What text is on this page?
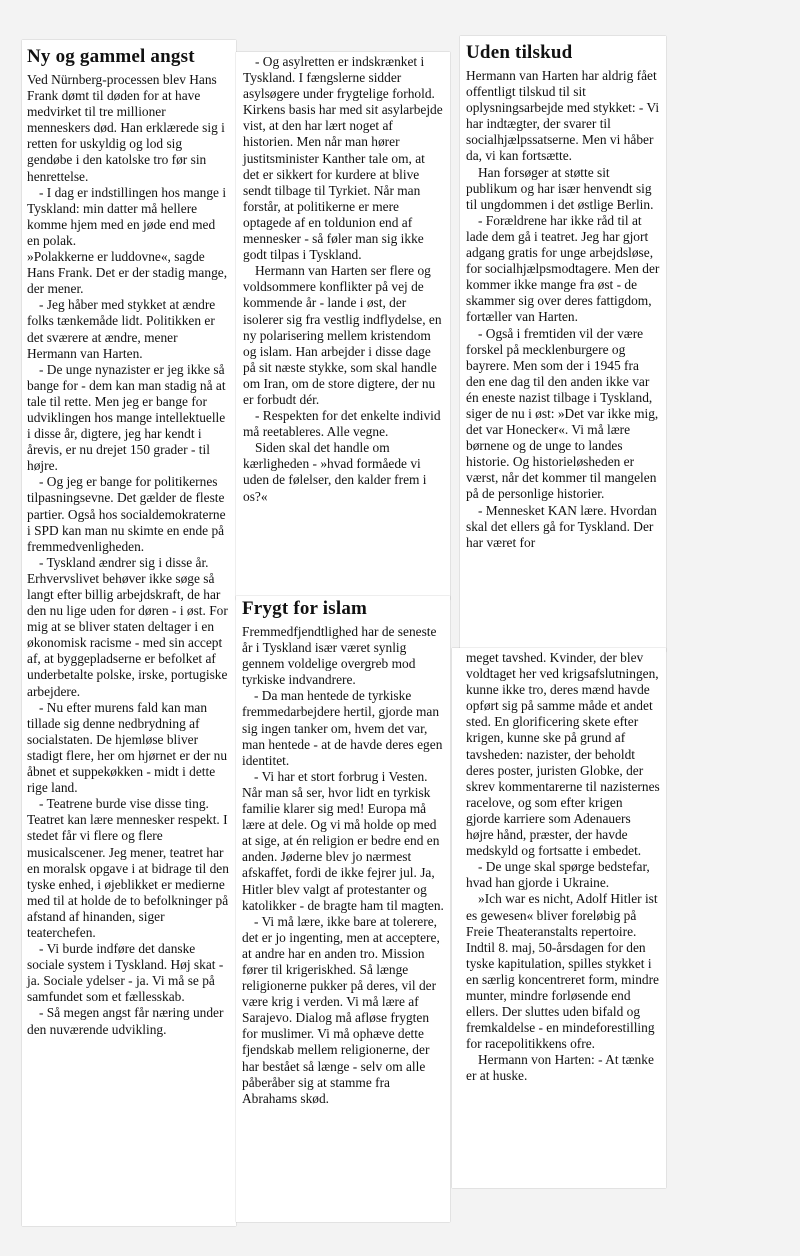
Ny og gammel angst

Ved Nürnberg-processen blev Hans Frank dømt til døden for at have medvirket til tre millioner menneskers død. Han erklærede sig i retten for uskyldig og lod sig gendøbe i den katolske tro før sin henrettelse.

- I dag er indstillingen hos mange i Tyskland: min datter må hellere komme hjem med en jøde end med en polak.

»Polakkerne er luddovne«, sagde Hans Frank. Det er der stadig mange, der mener.

- Jeg håber med stykket at ændre folks tænkemåde lidt. Politikken er det sværere at ændre, mener Hermann van Harten.

- De unge nynazister er jeg ikke så bange for - dem kan man stadig nå at tale til rette. Men jeg er bange for udviklingen hos mange intellektuelle i disse år, digtere, jeg har kendt i årevis, er nu drejet 150 grader - til højre.

- Og jeg er bange for politikernes tilpasningsevne. Det gælder de fleste partier. Også hos socialdemokraterne i SPD kan man nu skimte en ende på fremmedvenligheden.

- Tyskland ændrer sig i disse år. Erhvervslivet behøver ikke søge så langt efter billig arbejdskraft, de har den nu lige uden for døren - i øst. For mig at se bliver staten deltager i en økonomisk racisme - med sin accept af, at byggepladserne er befolket af underbetalte polske, irske, portugiske arbejdere.

- Nu efter murens fald kan man tillade sig denne nedbrydning af socialstaten. De hjemløse bliver stadigt flere, her om hjørnet er der nu åbnet et suppekøkken - midt i dette rige land.

- Teatrene burde vise disse ting. Teatret kan lære mennesker respekt. I stedet får vi flere og flere musicalscener. Jeg mener, teatret har en moralsk opgave i at bidrage til den tyske enhed, i øjeblikket er medierne med til at holde de to befolkninger på afstand af hinanden, siger teaterchefen.

- Vi burde indføre det danske sociale system i Tyskland. Høj skat - ja. Sociale ydelser - ja. Vi må se på samfundet som et fællesskab.

- Så megen angst får næring under den nuværende udvikling.

- Og asylretten er indskrænket i Tyskland. I fængslerne sidder asylsøgere under frygtelige forhold. Kirkens basis har med sit asylarbejde vist, at den har lært noget af historien. Men når man hører justitsminister Kanther tale om, at det er sikkert for kurdere at blive sendt tilbage til Tyrkiet. Når man forstår, at politikerne er mere optagede af en toldunion end af mennesker - så føler man sig ikke godt tilpas i Tyskland.

Hermann van Harten ser flere og voldsommere konflikter på vej de kommende år - lande i øst, der isolerer sig fra vestlig indflydelse, en ny polarisering mellem kristendom og islam. Han arbejder i disse dage på sit næste stykke, som skal handle om Iran, om de store digtere, der nu er forbudt dér.

- Respekten for det enkelte individ må reetableres. Alle vegne.

Siden skal det handle om kærligheden - »hvad formåede vi uden de følelser, den kalder frem i os?«

Frygt for islam

Fremmedfjendtlighed har de seneste år i Tyskland især været synlig gennem voldelige overgreb mod tyrkiske indvandrere.

- Da man hentede de tyrkiske fremmedarbejdere hertil, gjorde man sig ingen tanker om, hvem det var, man hentede - at de havde deres egen identitet.

- Vi har et stort forbrug i Vesten. Når man så ser, hvor lidt en tyrkisk familie klarer sig med! Europa må lære at dele. Og vi må holde op med at sige, at én religion er bedre end en anden. Jøderne blev jo nærmest afskaffet, fordi de ikke fejrer jul. Ja, Hitler blev valgt af protestanter og katolikker - de bragte ham til magten.

- Vi må lære, ikke bare at tolerere, det er jo ingenting, men at acceptere, at andre har en anden tro. Mission fører til krigeriskhed. Så længe religionerne pukker på deres, vil der være krig i verden. Vi må lære af Sarajevo. Dialog må afløse frygten for muslimer. Vi må ophæve dette fjendskab mellem religionerne, der har bestået så længe - selv om alle påberåber sig at stamme fra Abrahams skød.

Uden tilskud

Hermann van Harten har aldrig fået offentligt tilskud til sit oplysningsarbejde med stykket: - Vi har indtægter, der svarer til socialhjælpssatserne. Men vi håber da, vi kan fortsætte.

Han forsøger at støtte sit publikum og har især henvendt sig til ungdommen i det østlige Berlin.

- Forældrene har ikke råd til at lade dem gå i teatret. Jeg har gjort adgang gratis for unge arbejdsløse, for socialhjælpsmodtagere. Men der kommer ikke mange fra øst - de skammer sig over deres fattigdom, fortæller van Harten.

- Også i fremtiden vil der være forskel på mecklenburgere og bayrere. Men som der i 1945 fra den ene dag til den anden ikke var én eneste nazist tilbage i Tyskland, siger de nu i øst: »Det var ikke mig, det var Honecker«. Vi må lære børnene og de unge to landes historie. Og historieløsheden er værst, når det kommer til mangelen på de personlige historier.

- Mennesket KAN lære. Hvordan skal det ellers gå for Tyskland. Der har været for

meget tavshed. Kvinder, der blev voldtaget her ved krigsafslutningen, kunne ikke tro, deres mænd havde opført sig på samme måde et andet sted. En glorificering skete efter krigen, kunne ske på grund af tavsheden: nazister, der beholdt deres poster, juristen Globke, der skrev kommentarerne til nazisternes racelove, og som efter krigen gjorde karriere som Adenauers højre hånd, præster, der havde medskyld og fortsatte i embedet.

- De unge skal spørge bedstefar, hvad han gjorde i Ukraine.

»Ich war es nicht, Adolf Hitler ist es gewesen« bliver foreløbig på Freie Theateranstalts repertoire. Indtil 8. maj, 50-årsdagen for den tyske kapitulation, spilles stykket i en særlig koncentreret form, mindre munter, mindre forløsende end ellers. Der sluttes uden bifald og fremkaldelse - en mindeforestilling for racepolitikkens ofre.

Hermann von Harten: - At tænke er at huske.
